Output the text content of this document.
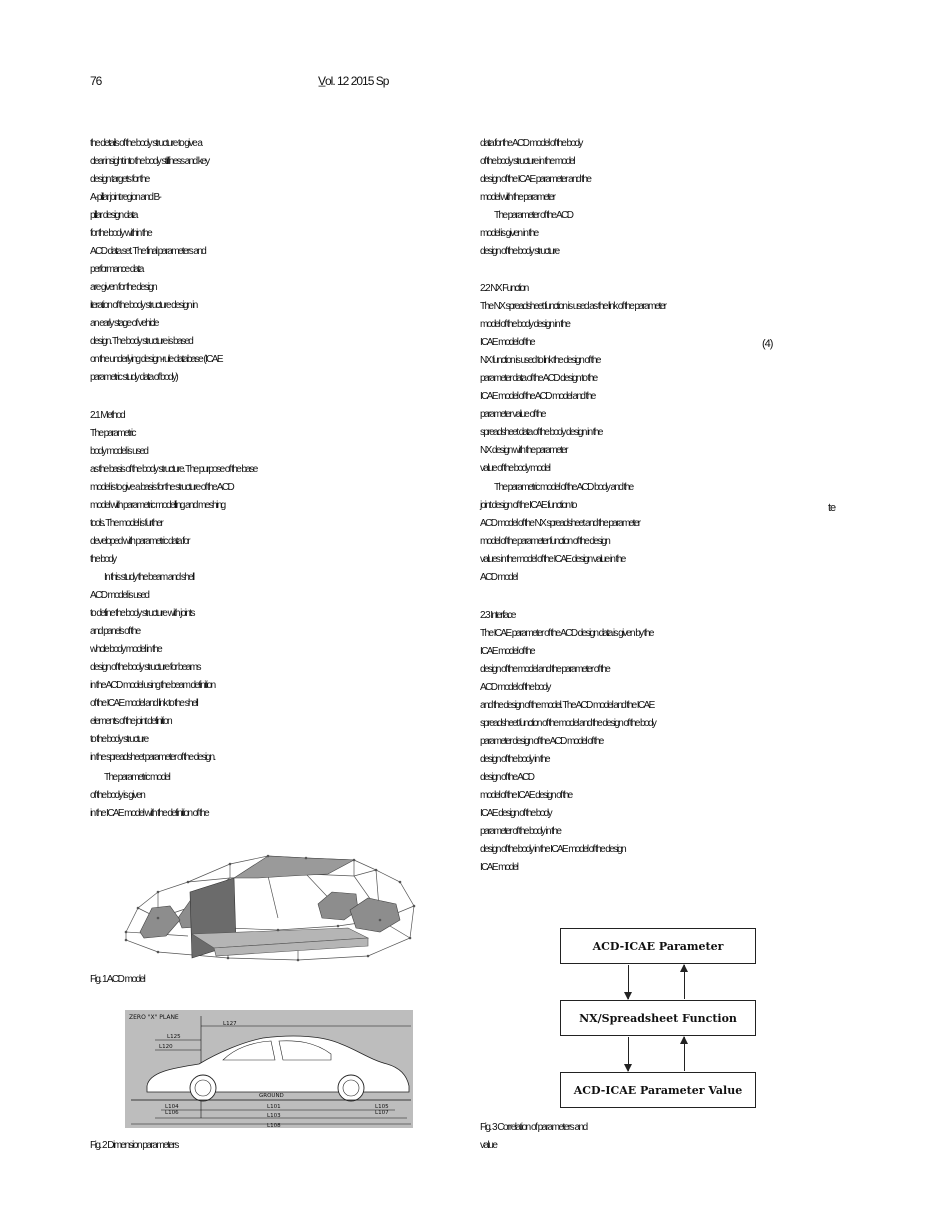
76	V̲ol. 12 2015 Sp
the details of the body structure to give a
clear insight into the body stiffness and key
design targets for the
A-pillar joint region and B-
pillar design data
for the body within the
ACD data set. The final parameters and
performance data
are given for the design
iteration of the body structure design in
an early stage of vehicle
design. The body structure is based
on the underlying design-rule database (ICAE
parametric study data of body)
2.1 Method
The parametric
body model is used
as the basis of the body structure. The purpose of the base
model is to give a basis for the structure of the ACD
model with parametric modelling and meshing
tools. The model is further
developed with parametric data for
the body
In this study the beam and shell
ACD model is used
to define the body structure with joints
and panels of the
whole body model in the
design of the body structure for beams
in the ACD model using the beam definition
of the ICAE model and link to the shell
elements of the joint definition
to the body structure
in the spreadsheet parameter of the design.
The parametric model
of the body is given
in the ICAE model with the definition of the
Fig. 1 ACD model
ZERO "X" PLANE
L127
L125
L120
GROUND
L104
L106
L101
L103
L108
L105
L107
Fig. 2 Dimension parameters
data for the ACD model of the body
of the body structure in the model
design of the ICAE parameter and the
model with the parameter
The parameter of the ACD
model is given in the
design of the body structure
2.2 NX Function
The NX spreadsheet function is used as the link of the parameter
model of the body design in the
ICAE model of the
NX function is used to link the design of the
parameter data of the ACD design to the
ICAE model of the ACD model and the
parameter value of the
spreadsheet data of the body design in the
NX design with the parameter
value of the body model
The parametric model of the ACD body and the
joint design of the ICAE function to
ACD model of the NX spreadsheet and the parameter
model of the parameter function of the design
values in the model of the ICAE design value in the
ACD model
2.3 Interface
The ICAE parameter of the ACD design data is given by the
ICAE model of the
design of the model and the parameter of the
ACD model of the body
and the design of the model. The ACD model and the ICAE
spreadsheet function of the model and the design of the body
parameter design of the ACD model of the
design of the body in the
design of the ACD
model of the ICAE design of the
ICAE design of the body
parameter of the body in the
design of the body in the ICAE model of the design
ICAE model
(4)
te
ACD-ICAE Parameter
NX/Spreadsheet Function
ACD-ICAE Parameter Value
Fig. 3 Correlation of parameters and
value
